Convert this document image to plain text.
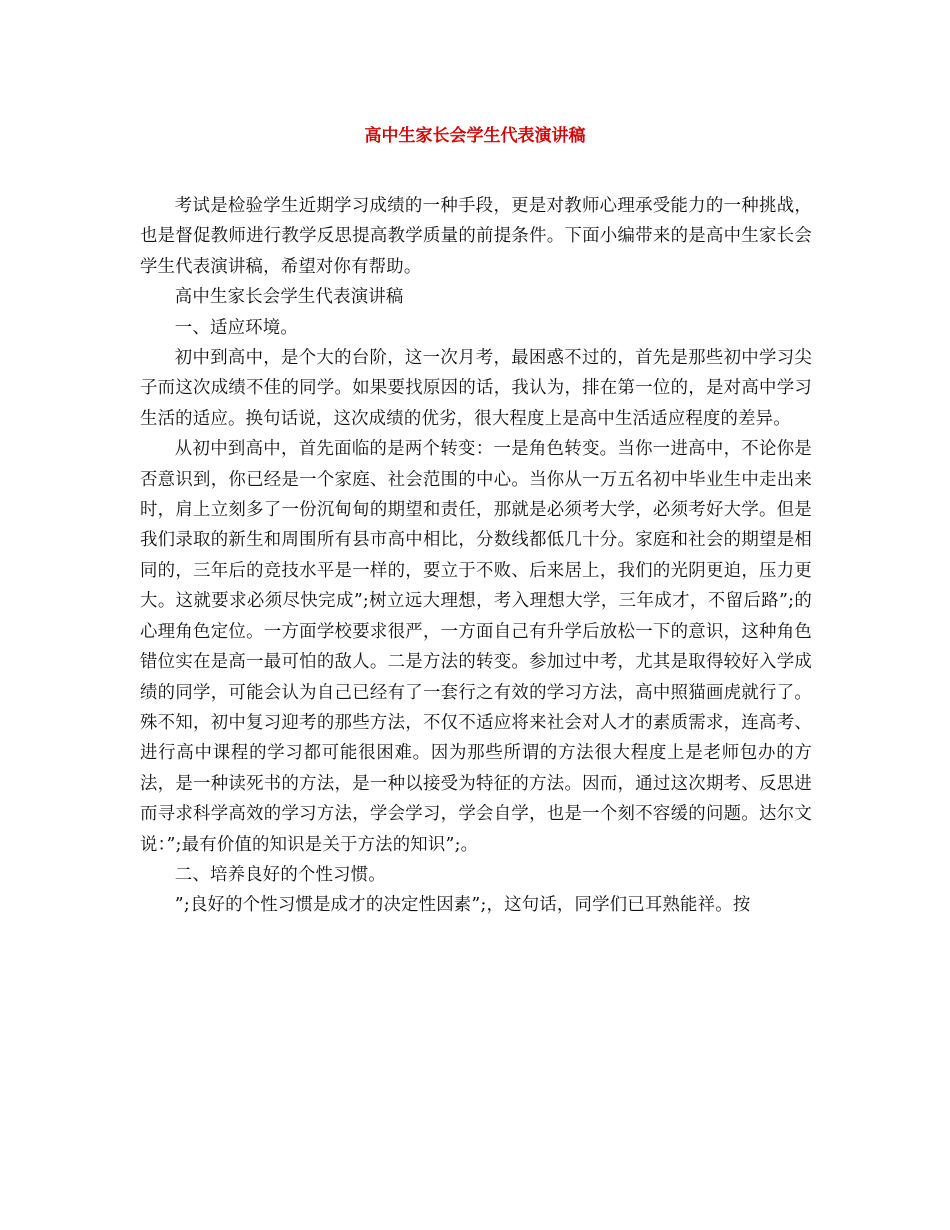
高中生家长会学生代表演讲稿

考试是检验学生近期学习成绩的一种手段，更是对教师心理承受能力的一种挑战，也是督促教师进行教学反思提高教学质量的前提条件。下面小编带来的是高中生家长会学生代表演讲稿，希望对你有帮助。

高中生家长会学生代表演讲稿

一、适应环境。

初中到高中，是个大的台阶，这一次月考，最困惑不过的，首先是那些初中学习尖子而这次成绩不佳的同学。如果要找原因的话，我认为，排在第一位的，是对高中学习生活的适应。换句话说，这次成绩的优劣，很大程度上是高中生活适应程度的差异。

从初中到高中，首先面临的是两个转变：一是角色转变。当你一进高中，不论你是否意识到，你已经是一个家庭、社会范围的中心。当你从一万五名初中毕业生中走出来时，肩上立刻多了一份沉甸甸的期望和责任，那就是必须考大学，必须考好大学。但是我们录取的新生和周围所有县市高中相比，分数线都低几十分。家庭和社会的期望是相同的，三年后的竞技水平是一样的，要立于不败、后来居上，我们的光阴更迫，压力更大。这就要求必须尽快完成”;树立远大理想，考入理想大学，三年成才，不留后路”;的心理角色定位。一方面学校要求很严，一方面自己有升学后放松一下的意识，这种角色错位实在是高一最可怕的敌人。二是方法的转变。参加过中考，尤其是取得较好入学成绩的同学，可能会认为自己已经有了一套行之有效的学习方法，高中照猫画虎就行了。殊不知，初中复习迎考的那些方法，不仅不适应将来社会对人才的素质需求，连高考、进行高中课程的学习都可能很困难。因为那些所谓的方法很大程度上是老师包办的方法，是一种读死书的方法，是一种以接受为特征的方法。因而，通过这次期考、反思进而寻求科学高效的学习方法，学会学习，学会自学，也是一个刻不容缓的问题。达尔文说：”;最有价值的知识是关于方法的知识”;。

二、培养良好的个性习惯。

”;良好的个性习惯是成才的决定性因素”;，这句话，同学们已耳熟能祥。按
